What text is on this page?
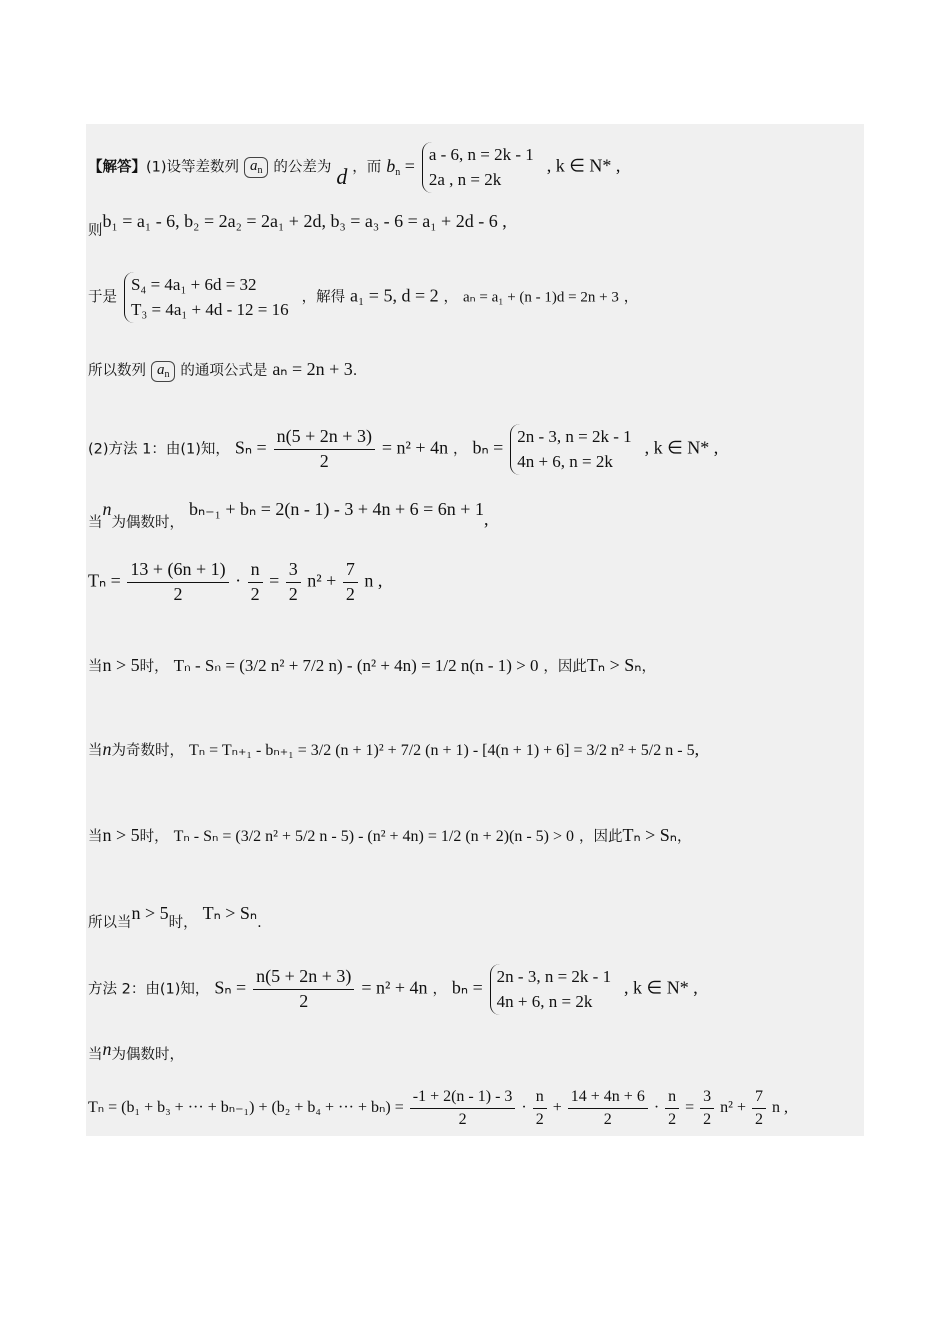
【解答】(1)设等差数列 $a_n$ 的公差为 d ，而 $b_n$ =
a - 6, n = 2k - 1
2a , n = 2k
, k ∈ N* ,
则b₁ = a₁ - 6, b₂ = 2a₂ = 2a₁ + 2d, b₃ = a₃ - 6 = a₁ + 2d - 6 ,
于是
S₄ = 4a₁ + 6d = 32
T₃ = 4a₁ + 4d - 12 = 16
，解得 a₁ = 5, d = 2 ， aₙ = a₁ + (n - 1)d = 2n + 3 ，
所以数列 $a_n$ 的通项公式是 aₙ = 2n + 3.
(2)方法 1：由(1)知， $S_n = \frac{n(5 + 2n + 3)}{2} = n^2 + 4n$ ， bₙ =
2n - 3, n = 2k - 1
4n + 6, n = 2k
, k ∈ N* ,
当n为偶数时， bₙ₋₁ + bₙ = 2(n - 1) - 3 + 4n + 6 = 6n + 1,
$T_n = \frac{13 + (6n + 1)}{2} \cdot \frac{n}{2} = \frac{3}{2} n^2 + \frac{7}{2}$ n ,
当n > 5时， Tₙ - Sₙ = (3/2 n² + 7/2 n) - (n² + 4n) = 1/2 n(n - 1) > 0 ，因此Tₙ > Sₙ，
当n为奇数时， Tₙ = Tₙ₊₁ - bₙ₊₁ = 3/2 (n + 1)² + 7/2 (n + 1) - [4(n + 1) + 6] = 3/2 n² + 5/2 n - 5,
当n > 5时， Tₙ - Sₙ = (3/2 n² + 5/2 n - 5) - (n² + 4n) = 1/2 (n + 2)(n - 5) > 0 ，因此Tₙ > Sₙ，
所以当n > 5时， Tₙ > Sₙ.
方法 2：由(1)知， $S_n = \frac{n(5 + 2n + 3)}{2} = n^2 + 4n$ ， bₙ =
2n - 3, n = 2k - 1
4n + 6, n = 2k
, k ∈ N* ,
当n为偶数时，
Tₙ = (b₁ + b₃ + ··· + bₙ₋₁) + (b₂ + b₄ + ··· + $b_n) = \frac{-1 + 2(n - 1) - 3}{2} \cdot \frac{n}{2} + \frac{14 + 4n + 6}{2} \cdot \frac{n}{2} = \frac{3}{2} n^2 + \frac{7}{2}$ n ,
